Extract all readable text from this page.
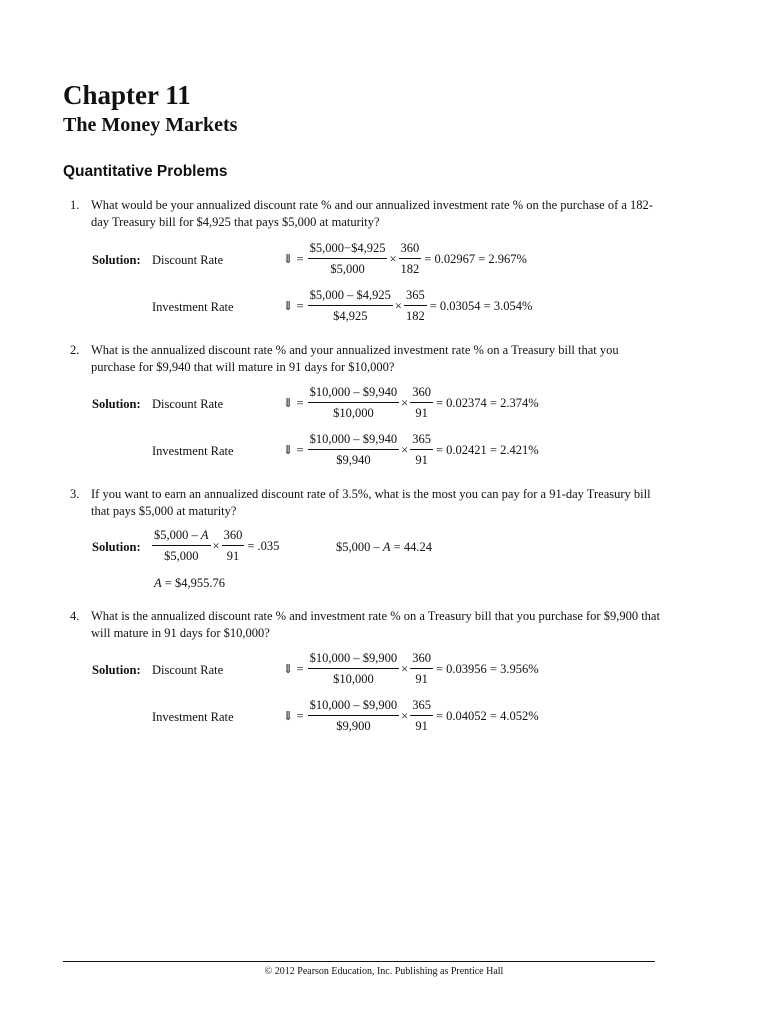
Chapter 11
The Money Markets
Quantitative Problems
1. What would be your annualized discount rate % and our annualized investment rate % on the purchase of a 182-day Treasury bill for $4,925 that pays $5,000 at maturity?
Solution: Discount Rate	⇓ = $\frac{\$5,000-\$4,925}{\$5,000} \times \frac{360}{182} = 0.02967 = 2.967\%$
Investment Rate	⇓ = $\frac{\$5,000 - \$4,925}{\$4,925} \times \frac{365}{182} = 0.03054 = 3.054\%$
2. What is the annualized discount rate % and your annualized investment rate % on a Treasury bill that you purchase for $9,940 that will mature in 91 days for $10,000?
Solution: Discount Rate	⇓ = $\frac{\$10,000 - \$9,940}{\$10,000} \times \frac{360}{91} = 0.02374 = 2.374\%$
Investment Rate	⇓ = $\frac{\$10,000 - \$9,940}{\$9,940} \times \frac{365}{91} = 0.02421 = 2.421\%$
3. If you want to earn an annualized discount rate of 3.5%, what is the most you can pay for a 91-day Treasury bill that pays $5,000 at maturity?
Solution: $\frac{\$5,000 - A}{\$5,000} \times \frac{360}{91} = .035$	$5,000 – A = 44.24
A = $4,955.76
4. What is the annualized discount rate % and investment rate % on a Treasury bill that you purchase for $9,900 that will mature in 91 days for $10,000?
Solution: Discount Rate	⇓ = $\frac{\$10,000 - \$9,900}{\$10,000} \times \frac{360}{91} = 0.03956 = 3.956\%$
Investment Rate	⇓ = $\frac{\$10,000 - \$9,900}{\$9,900} \times \frac{365}{91} = 0.04052 = 4.052\%$
© 2012 Pearson Education, Inc. Publishing as Prentice Hall
